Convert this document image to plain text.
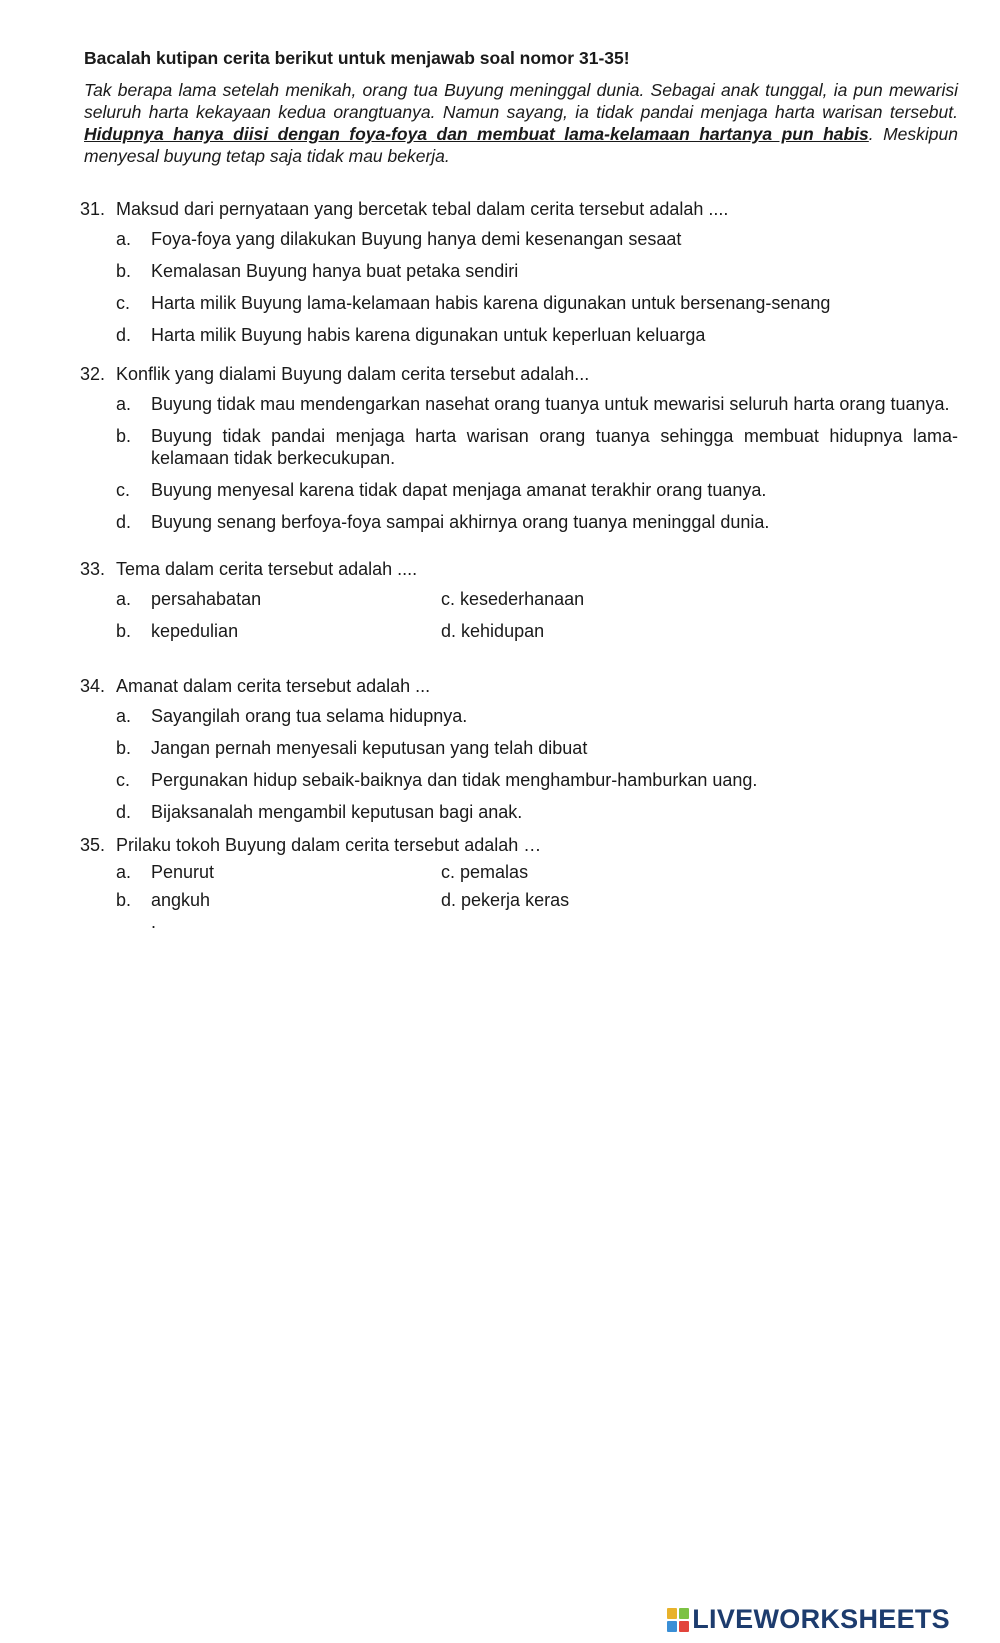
Bacalah kutipan cerita berikut untuk menjawab soal nomor 31-35!

Tak berapa lama setelah menikah, orang tua Buyung meninggal dunia. Sebagai anak tunggal, ia pun mewarisi seluruh harta kekayaan kedua orangtuanya. Namun sayang, ia tidak pandai menjaga harta warisan tersebut. Hidupnya hanya diisi dengan foya-foya dan membuat lama-kelamaan hartanya pun habis. Meskipun menyesal buyung tetap saja tidak mau bekerja.

31. Maksud dari pernyataan yang bercetak tebal dalam cerita tersebut adalah ....
a. Foya-foya yang dilakukan Buyung hanya demi kesenangan sesaat
b. Kemalasan Buyung hanya buat petaka sendiri
c. Harta milik Buyung lama-kelamaan habis karena digunakan untuk bersenang-senang
d. Harta milik Buyung habis karena digunakan untuk keperluan keluarga
32. Konflik yang dialami Buyung dalam cerita tersebut adalah...
a. Buyung tidak mau mendengarkan nasehat orang tuanya untuk mewarisi seluruh harta orang tuanya.
b. Buyung tidak pandai menjaga harta warisan orang tuanya sehingga membuat hidupnya lama-kelamaan tidak berkecukupan.
c. Buyung menyesal karena tidak dapat menjaga amanat terakhir orang tuanya.
d. Buyung senang berfoya-foya sampai akhirnya orang tuanya meninggal dunia.
33. Tema dalam cerita tersebut adalah ....
a. persahabatan	c. kesederhanaan
b. kepedulian	d. kehidupan
34. Amanat dalam cerita tersebut adalah ...
a. Sayangilah orang tua selama hidupnya.
b. Jangan pernah menyesali keputusan yang telah dibuat
c. Pergunakan hidup sebaik-baiknya dan tidak menghambur-hamburkan uang.
d. Bijaksanalah mengambil keputusan bagi anak.
35. Prilaku tokoh Buyung dalam cerita tersebut adalah …
a. Penurut	c. pemalas
b. angkuh	d. pekerja keras
.
LIVEWORKSHEETS
